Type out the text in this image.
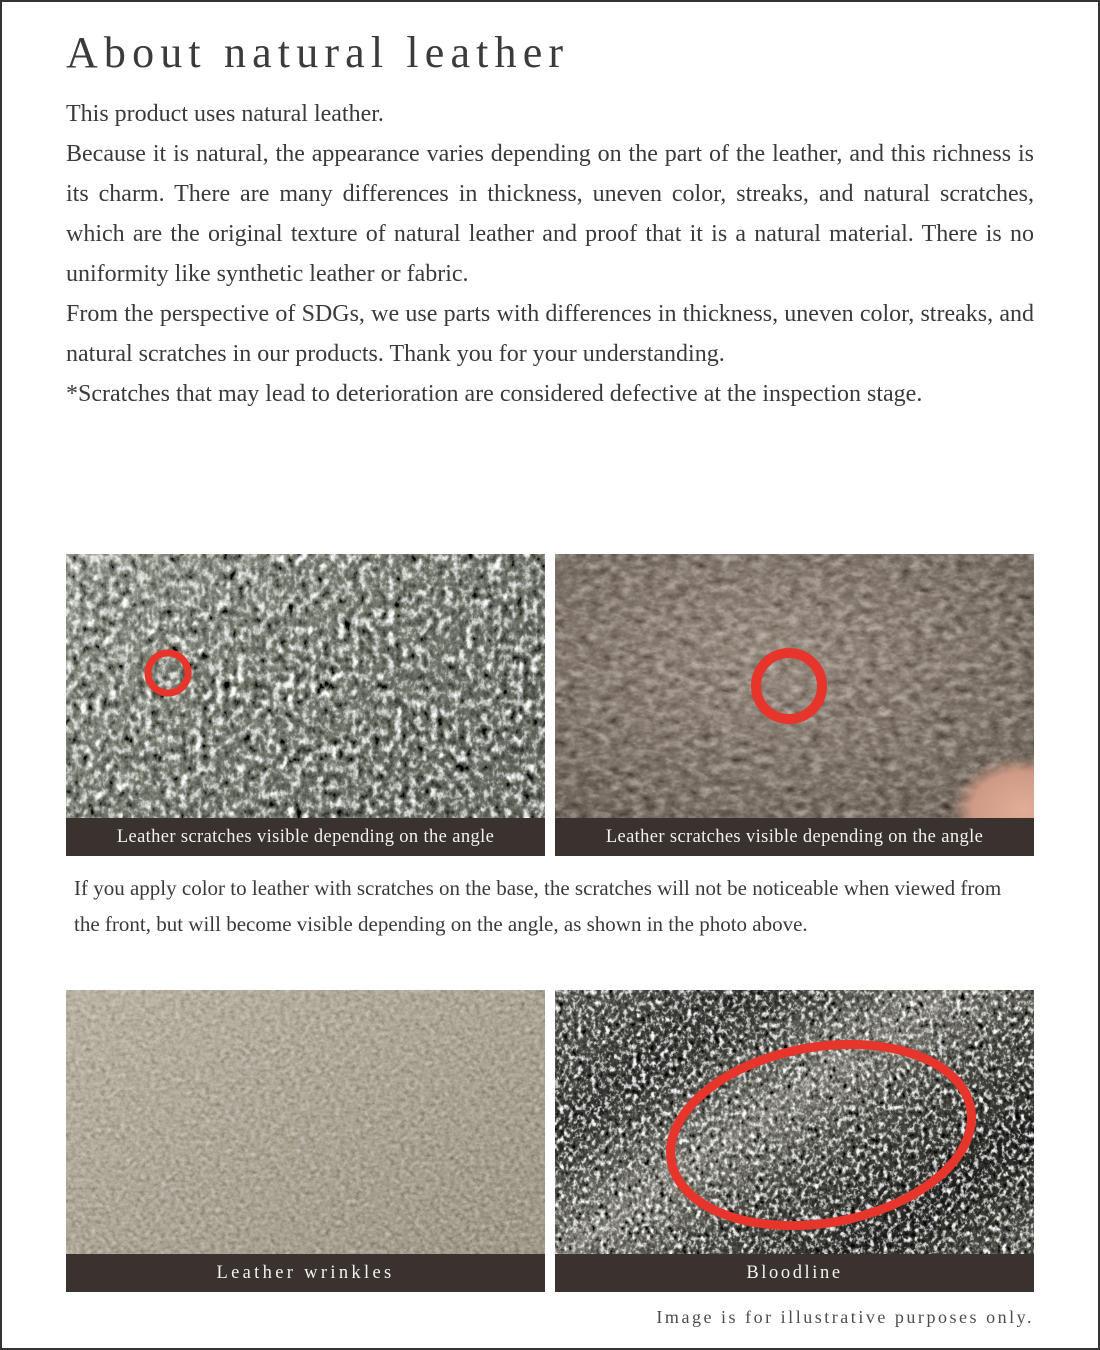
About natural leather

This product uses natural leather.

Because it is natural, the appearance varies depending on the part of the leather, and this richness is its charm. There are many differences in thickness, uneven color, streaks, and natural scratches, which are the original texture of natural leather and proof that it is a natural material. There is no uniformity like synthetic leather or fabric.

From the perspective of SDGs, we use parts with differences in thickness, uneven color, streaks, and natural scratches in our products. Thank you for your understanding.

*Scratches that may lead to deterioration are considered defective at the inspection stage.

Leather scratches visible depending on the angle	Leather scratches visible depending on the angle

If you apply color to leather with scratches on the base, the scratches will not be noticeable when viewed from the front, but will become visible depending on the angle, as shown in the photo above.

Leather wrinkles	Bloodline
Image is for illustrative purposes only.
